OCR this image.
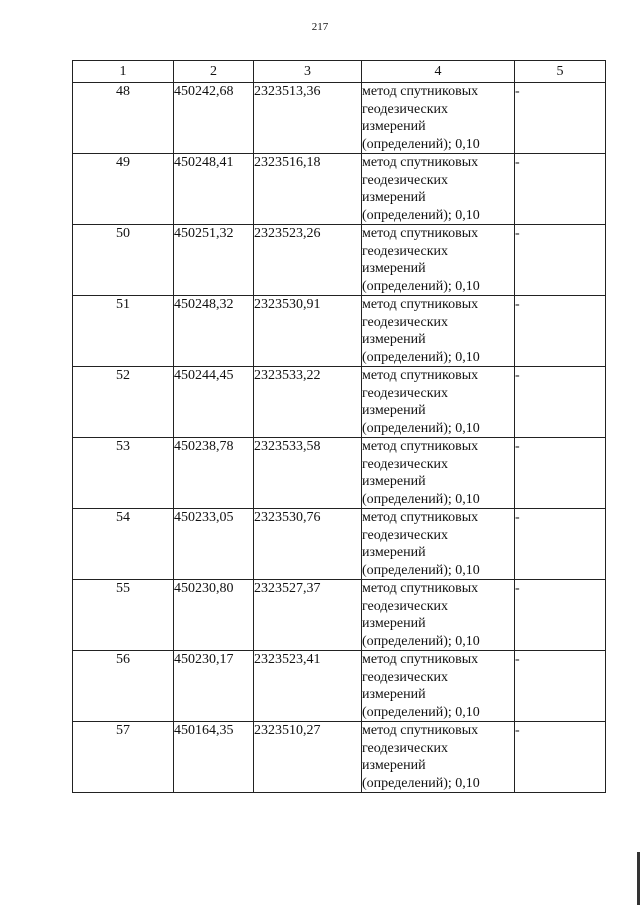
217
1	2	3	4	5
48	450242,68	2323513,36	метод спутниковых геодезических измерений (определений); 0,10	-
49	450248,41	2323516,18	метод спутниковых геодезических измерений (определений); 0,10	-
50	450251,32	2323523,26	метод спутниковых геодезических измерений (определений); 0,10	-
51	450248,32	2323530,91	метод спутниковых геодезических измерений (определений); 0,10	-
52	450244,45	2323533,22	метод спутниковых геодезических измерений (определений); 0,10	-
53	450238,78	2323533,58	метод спутниковых геодезических измерений (определений); 0,10	-
54	450233,05	2323530,76	метод спутниковых геодезических измерений (определений); 0,10	-
55	450230,80	2323527,37	метод спутниковых геодезических измерений (определений); 0,10	-
56	450230,17	2323523,41	метод спутниковых геодезических измерений (определений); 0,10	-
57	450164,35	2323510,27	метод спутниковых геодезических измерений (определений); 0,10	-
